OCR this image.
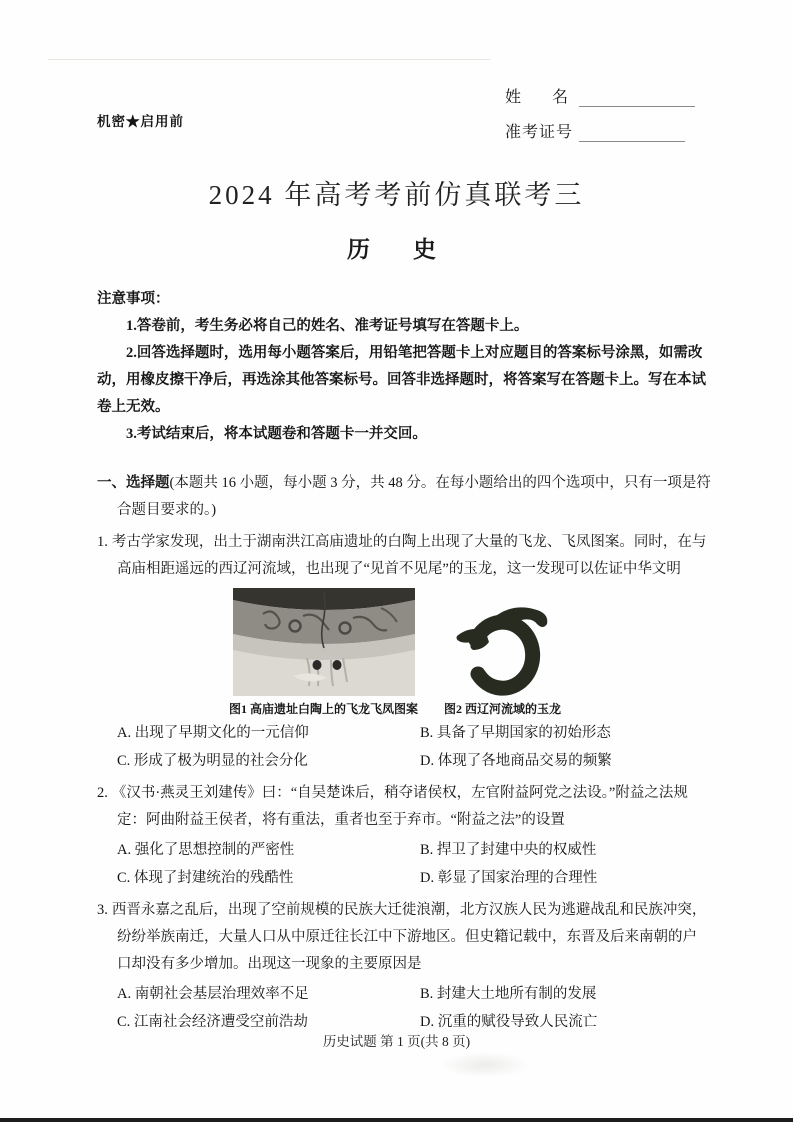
机密★启用前
姓 名
准考证号
2024 年高考考前仿真联考三
历　史

注意事项：

1.答卷前，考生务必将自己的姓名、准考证号填写在答题卡上。

2.回答选择题时，选用每小题答案后，用铅笔把答题卡上对应题目的答案标号涂黑，如需改动，用橡皮擦干净后，再选涂其他答案标号。回答非选择题时，将答案写在答题卡上。写在本试卷上无效。

3.考试结束后，将本试题卷和答题卡一并交回。

一、选择题(本题共 16 小题，每小题 3 分，共 48 分。在每小题给出的四个选项中，只有一项是符合题目要求的。)

1. 考古学家发现，出土于湖南洪江高庙遗址的白陶上出现了大量的飞龙、飞凤图案。同时，在与高庙相距遥远的西辽河流域，也出现了“见首不见尾”的玉龙，这一发现可以佐证中华文明

图1 高庙遗址白陶上的飞龙飞凤图案 图2 西辽河流域的玉龙
A. 出现了早期文化的一元信仰	B. 具备了早期国家的初始形态
C. 形成了极为明显的社会分化	D. 体现了各地商品交易的频繁

2. 《汉书·燕灵王刘建传》曰：“自吴楚诛后，稍夺诸侯权，左官附益阿党之法设。”附益之法规定：阿曲附益王侯者，将有重法，重者也至于弃市。“附益之法”的设置

A. 强化了思想控制的严密性	B. 捍卫了封建中央的权威性
C. 体现了封建统治的残酷性	D. 彰显了国家治理的合理性

3. 西晋永嘉之乱后，出现了空前规模的民族大迁徙浪潮，北方汉族人民为逃避战乱和民族冲突，纷纷举族南迁，大量人口从中原迁往长江中下游地区。但史籍记载中，东晋及后来南朝的户口却没有多少增加。出现这一现象的主要原因是

A. 南朝社会基层治理效率不足	B. 封建大土地所有制的发展
C. 江南社会经济遭受空前浩劫	D. 沉重的赋役导致人民流亡
历史试题 第 1 页(共 8 页)
